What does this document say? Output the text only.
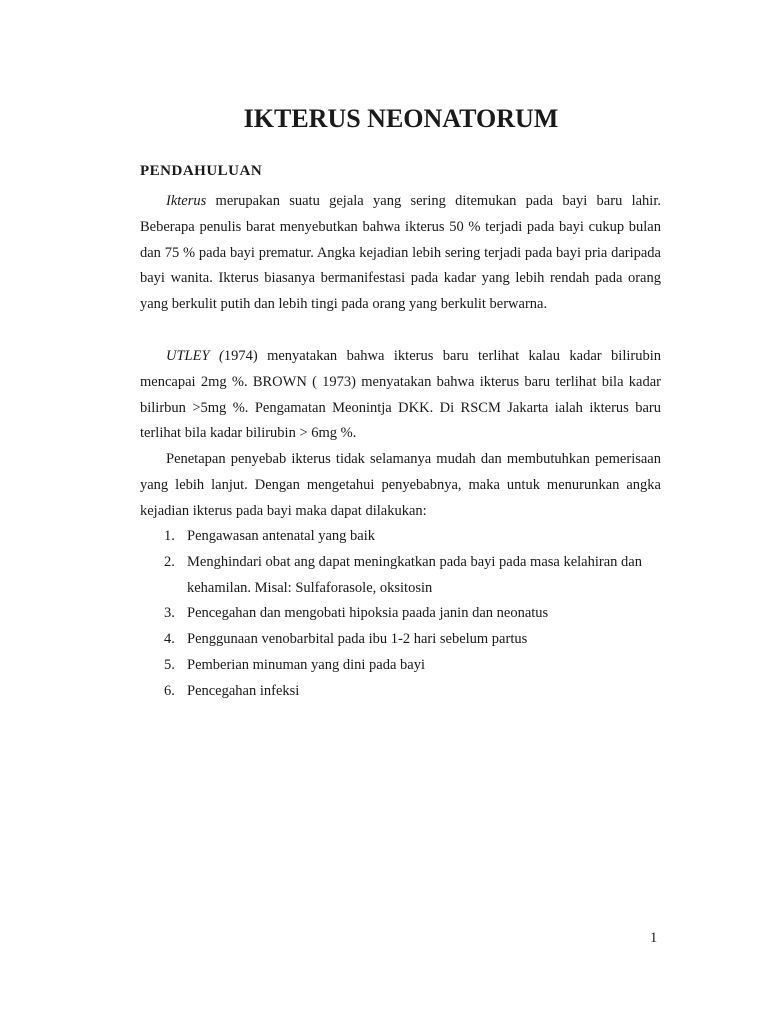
IKTERUS NEONATORUM
PENDAHULUAN

Ikterus merupakan suatu gejala yang sering ditemukan pada bayi baru lahir. Beberapa penulis barat menyebutkan bahwa ikterus 50 % terjadi pada bayi cukup bulan dan 75 % pada bayi prematur. Angka kejadian lebih sering terjadi pada bayi pria daripada bayi wanita. Ikterus biasanya bermanifestasi pada kadar yang lebih rendah pada orang yang berkulit putih dan lebih tingi pada orang yang berkulit berwarna.

UTLEY (1974) menyatakan bahwa ikterus baru terlihat kalau kadar bilirubin mencapai 2mg %. BROWN ( 1973) menyatakan bahwa ikterus baru terlihat bila kadar bilirbun >5mg %. Pengamatan Meonintja DKK. Di RSCM Jakarta ialah ikterus baru terlihat bila kadar bilirubin > 6mg %.

Penetapan penyebab ikterus tidak selamanya mudah dan membutuhkan pemerisaan yang lebih lanjut. Dengan mengetahui penyebabnya, maka untuk menurunkan angka kejadian ikterus pada bayi maka dapat dilakukan:

1. Pengawasan antenatal yang baik
2. Menghindari obat ang dapat meningkatkan pada bayi pada masa kelahiran dan kehamilan. Misal: Sulfaforasole, oksitosin
3. Pencegahan dan mengobati hipoksia paada janin dan neonatus
4. Penggunaan venobarbital pada ibu 1-2 hari sebelum partus
5. Pemberian minuman yang dini pada bayi
6. Pencegahan infeksi
1
